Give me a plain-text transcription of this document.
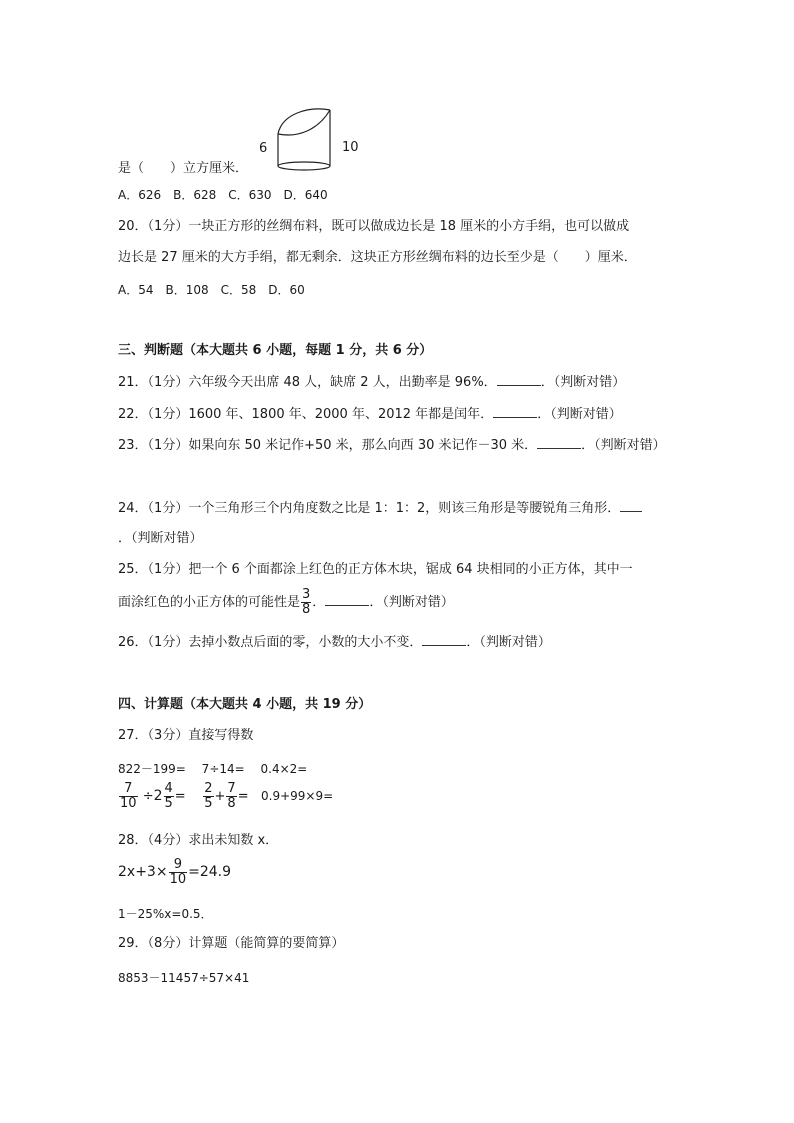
6	10
是（　　）立方厘米．
A．626　B．628　C．630　D．640
20．（1分）一块正方形的丝绸布料，既可以做成边长是 18 厘米的小方手绢，也可以做成
边长是 27 厘米的大方手绢，都无剩余．这块正方形丝绸布料的边长至少是（　　）厘米．
A．54　B．108　C．58　D．60
三、判断题（本大题共 6 小题，每题 1 分，共 6 分）
21．（1分）六年级今天出席 48 人，缺席 2 人，出勤率是 96%．	．（判断对错）
22．（1分）1600 年、1800 年、2000 年、2012 年都是闰年．	．（判断对错）
23．（1分）如果向东 50 米记作+50 米，那么向西 30 米记作－30 米．	．（判断对错）
24．（1分）一个三角形三个内角度数之比是 1：1：2，则该三角形是等腰锐角三角形．
．（判断对错）
25．（1分）把一个 6 个面都涂上红色的正方体木块，锯成 64 块相同的小正方体，其中一
面涂红色的小正方体的可能性是 $\frac{3}{8}$ ．	．（判断对错）
26．（1分）去掉小数点后面的零，小数的大小不变．	．（判断对错）
四、计算题（本大题共 4 小题，共 19 分）
27．（3分）直接写得数
822－199=　 7÷14=　 0.4×2=
$\frac{7}{10} \div 2 \frac{4}{5} = \frac{2}{5} + \frac{7}{8} = 0.9+99\times 9=$
28．（4分）求出未知数 x．
$2x+3\times \frac{9}{10} =24.9$
1－25%x=0.5．
29．（8分）计算题（能简算的要简算）
8853－11457÷57×41
